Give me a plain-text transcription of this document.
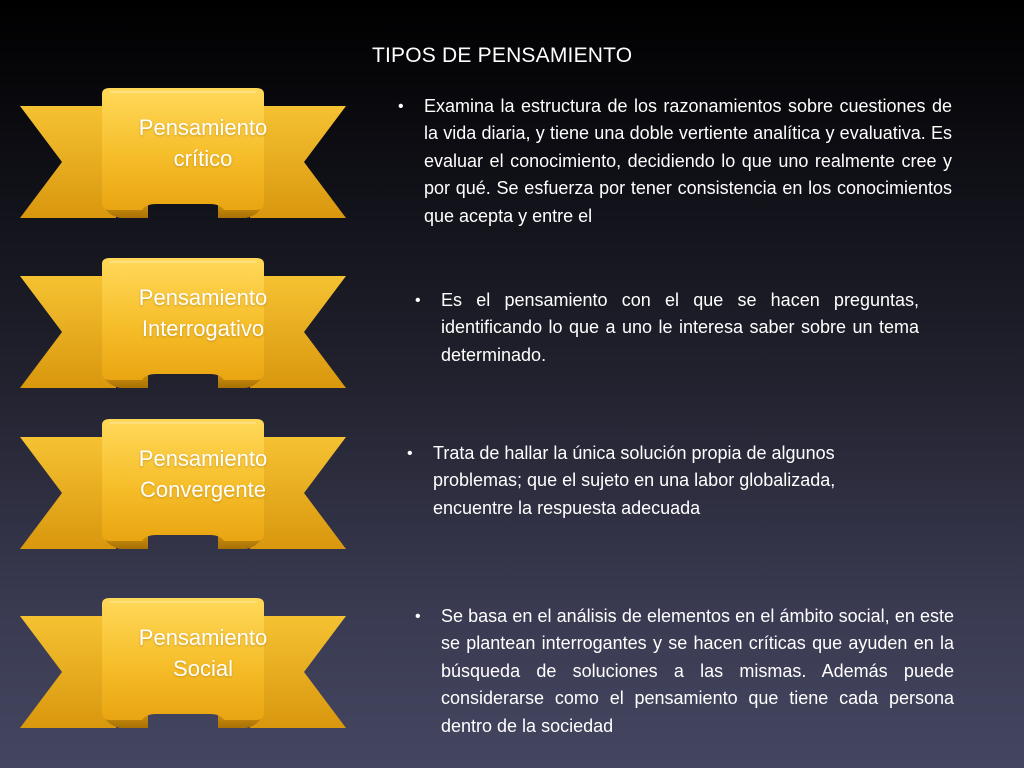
TIPOS DE PENSAMIENTO
Pensamiento
crítico
• Examina la estructura de los razonamientos sobre cuestiones de la vida diaria, y tiene una doble vertiente analítica y evaluativa. Es evaluar el conocimiento, decidiendo lo que uno realmente cree y por qué. Se esfuerza por tener consistencia en los conocimientos que acepta y entre el
Pensamiento
Interrogativo
• Es el pensamiento con el que se hacen preguntas, identificando lo que a uno le interesa saber sobre un tema determinado.
Pensamiento
Convergente
• Trata de hallar la única solución propia de algunos problemas; que el sujeto en una labor globalizada, encuentre la respuesta adecuada
Pensamiento
Social
• Se basa en el análisis de elementos en el ámbito social, en este se plantean interrogantes y se hacen críticas que ayuden en la búsqueda de soluciones a las mismas. Además puede considerarse como el pensamiento que tiene cada persona dentro de la sociedad
